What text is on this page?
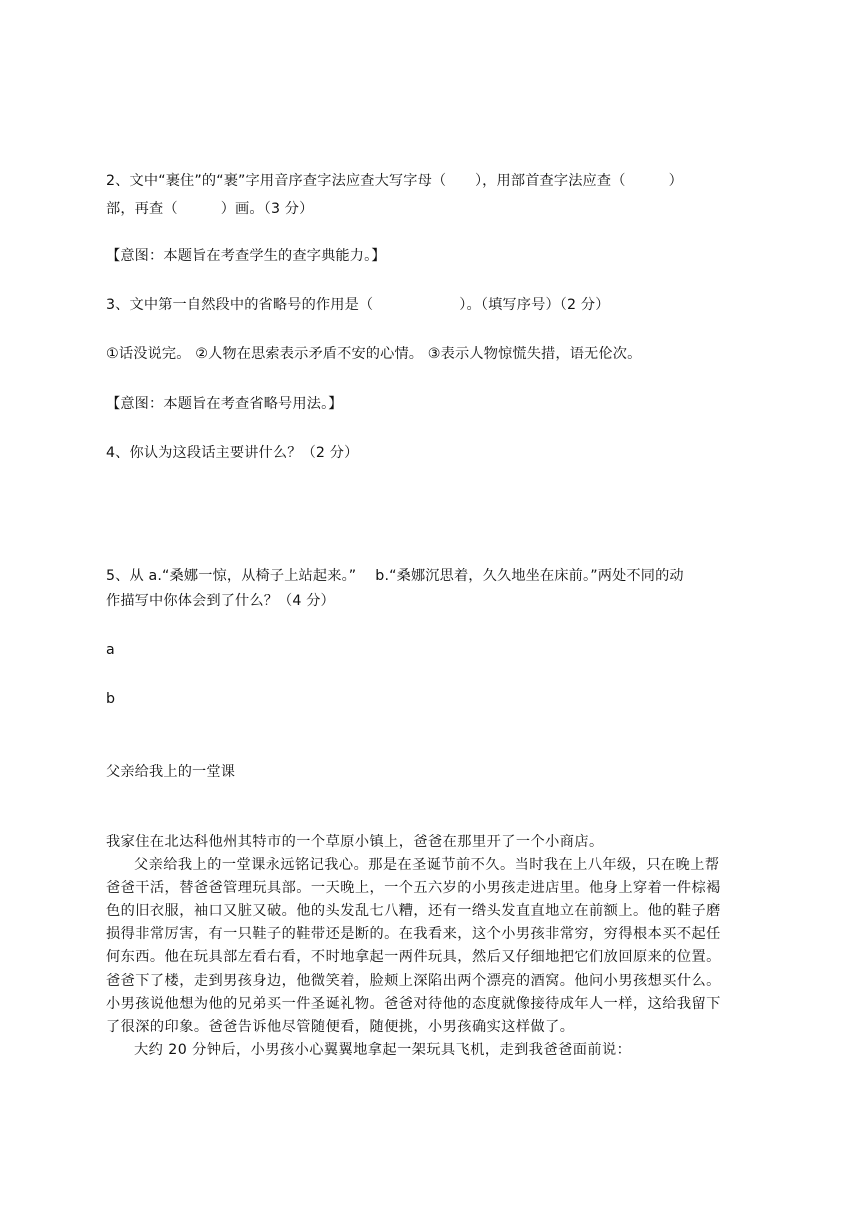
2、文中“裹住”的“裹”字用音序查字法应查大写字母（　　），用部首查字法应查（　　　）
部，再查（　　　）画。（3 分）
【意图：本题旨在考查学生的查字典能力。】
3、文中第一自然段中的省略号的作用是（　　　　　　）。（填写序号）（2 分）
①话没说完。 ②人物在思索表示矛盾不安的心情。 ③表示人物惊慌失措，语无伦次。
【意图：本题旨在考查省略号用法。】
4、你认为这段话主要讲什么？（2 分）
5、从 a.“桑娜一惊，从椅子上站起来。”　 b.“桑娜沉思着，久久地坐在床前。”两处不同的动
作描写中你体会到了什么？（4 分）
a
b
父亲给我上的一堂课
我家住在北达科他州其特市的一个草原小镇上，爸爸在那里开了一个小商店。
父亲给我上的一堂课永远铭记我心。那是在圣诞节前不久。当时我在上八年级，只在晚上帮
爸爸干活，替爸爸管理玩具部。一天晚上，一个五六岁的小男孩走进店里。他身上穿着一件棕褐
色的旧衣服，袖口又脏又破。他的头发乱七八糟，还有一绺头发直直地立在前额上。他的鞋子磨
损得非常厉害，有一只鞋子的鞋带还是断的。在我看来，这个小男孩非常穷，穷得根本买不起任
何东西。他在玩具部左看右看，不时地拿起一两件玩具，然后又仔细地把它们放回原来的位置。
爸爸下了楼，走到男孩身边，他微笑着，脸颊上深陷出两个漂亮的酒窝。他问小男孩想买什么。
小男孩说他想为他的兄弟买一件圣诞礼物。爸爸对待他的态度就像接待成年人一样，这给我留下
了很深的印象。爸爸告诉他尽管随便看，随便挑，小男孩确实这样做了。
大约 20 分钟后，小男孩小心翼翼地拿起一架玩具飞机，走到我爸爸面前说：
